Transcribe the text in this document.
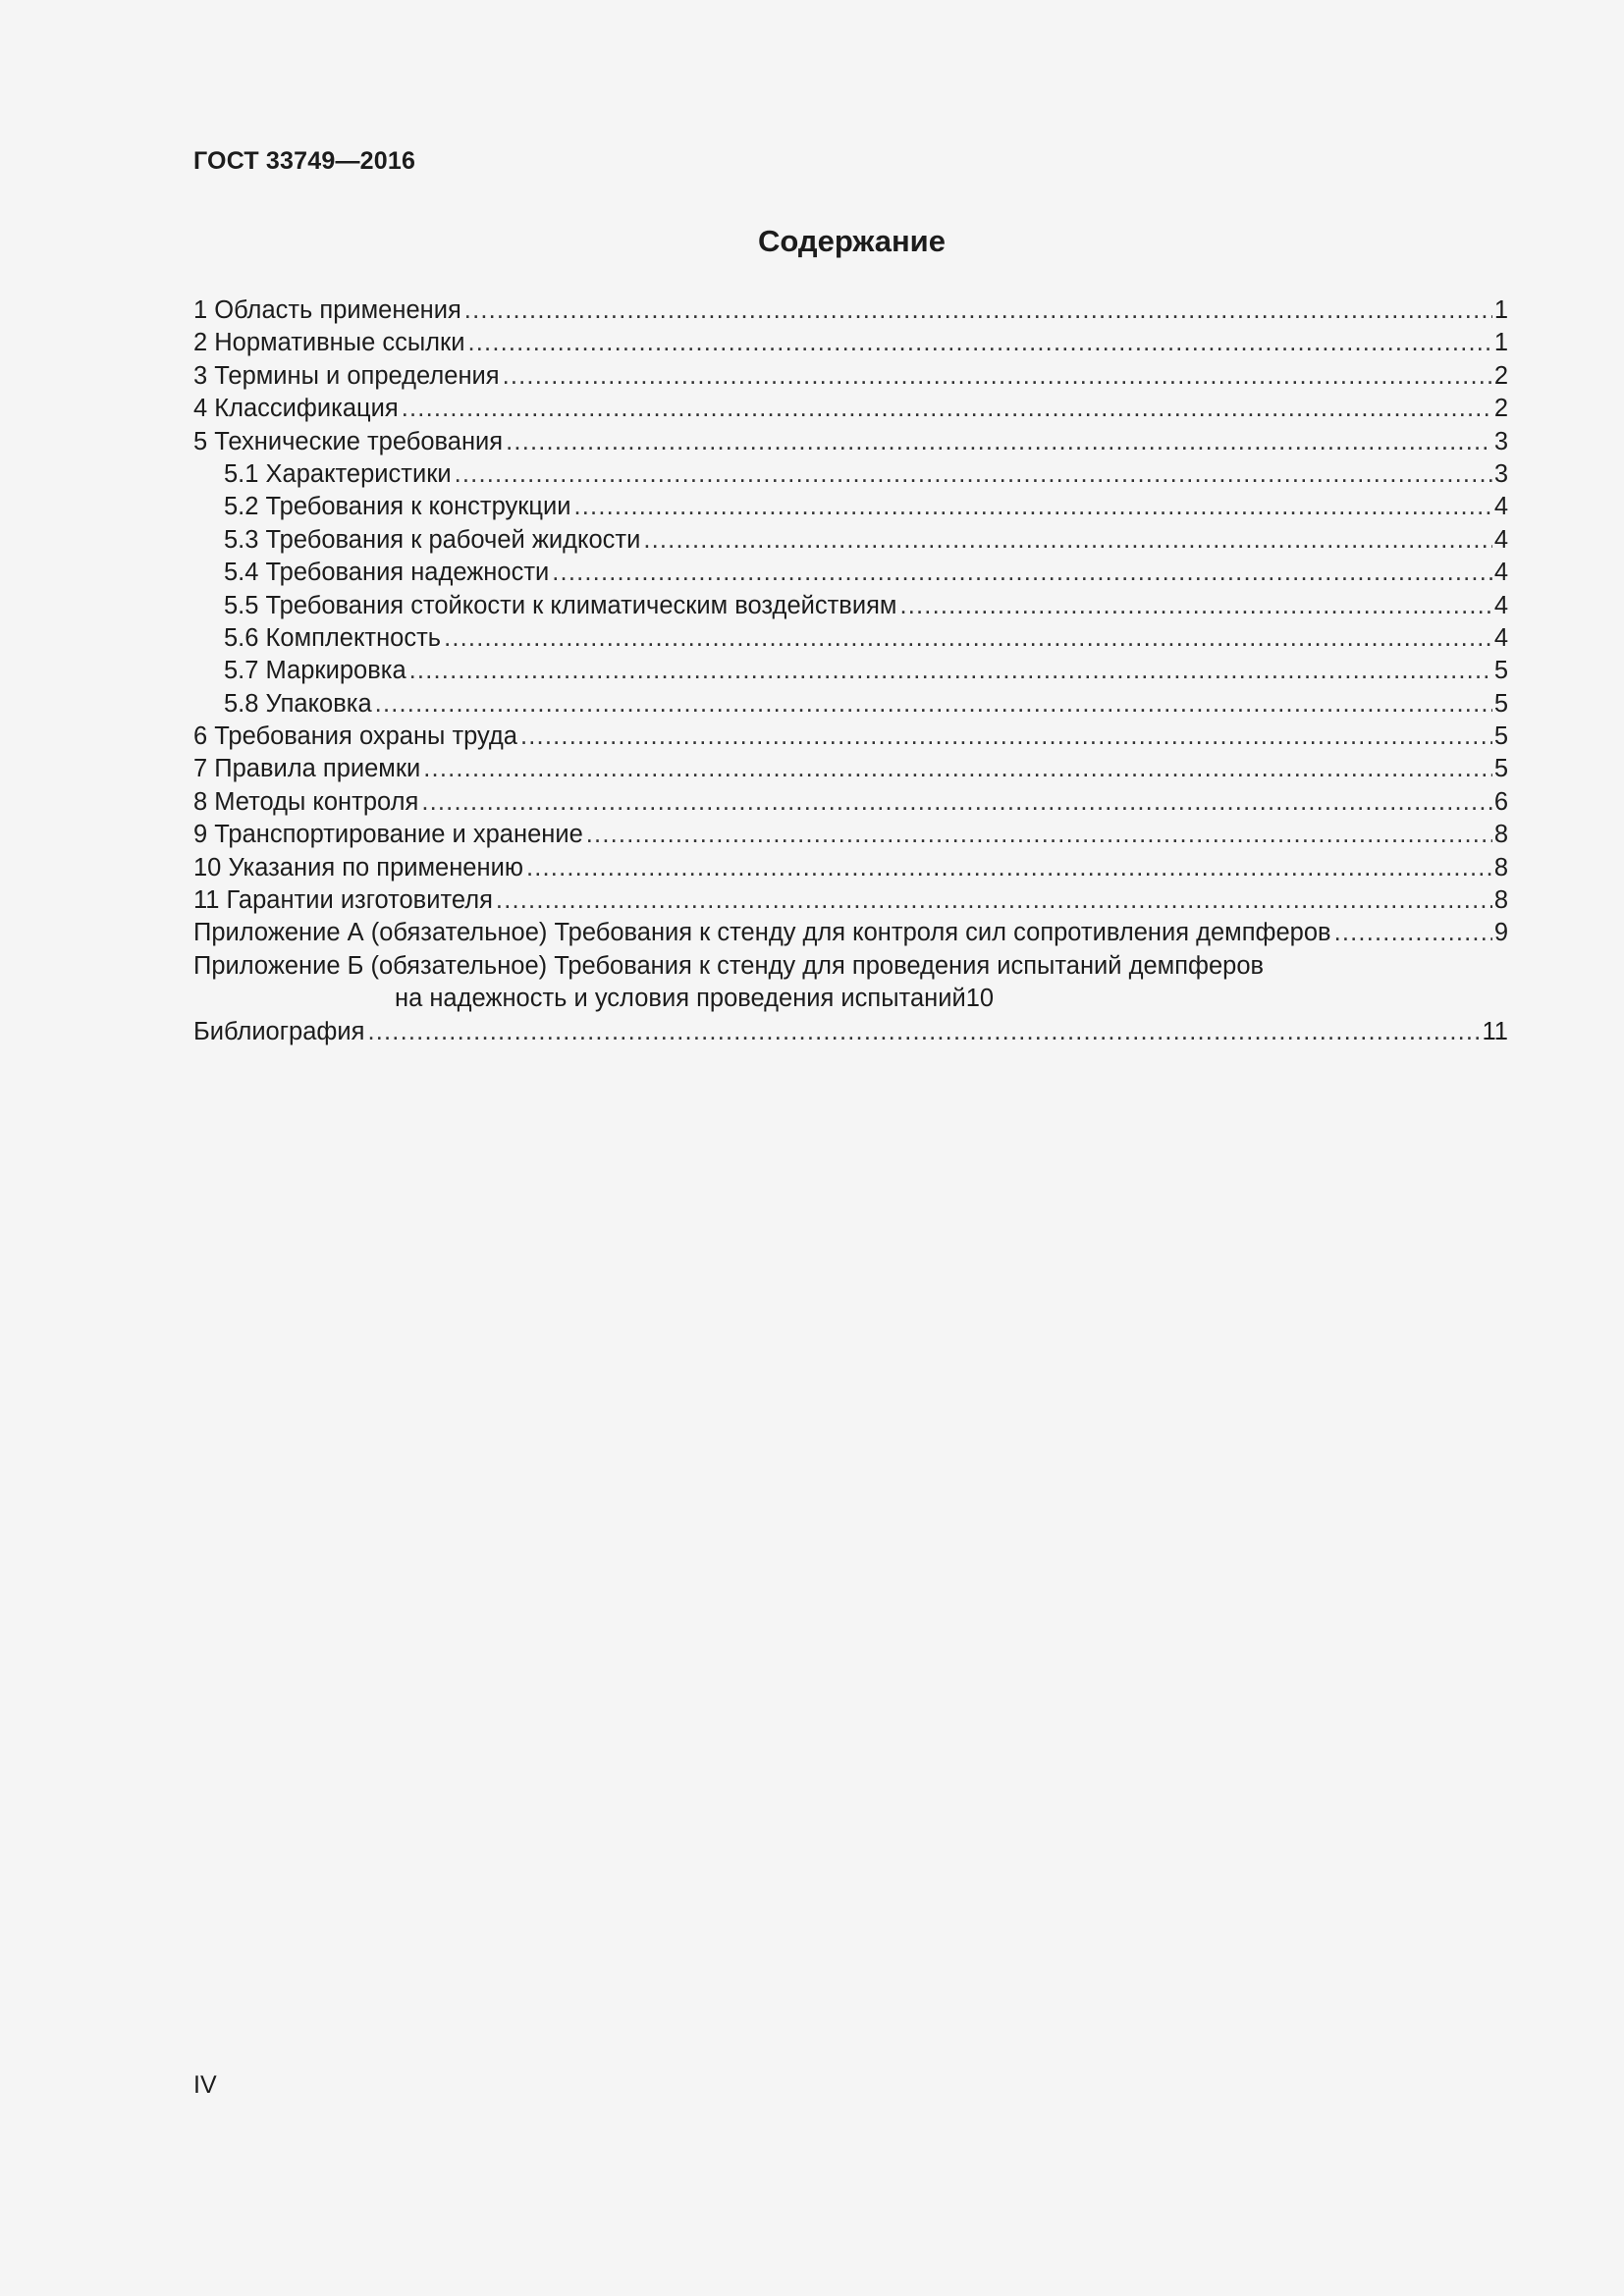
ГОСТ 33749—2016

Содержание
1 Область применения .....	1
2 Нормативные ссылки .....	1
3 Термины и определения .....	2
4 Классификация .....	2
5 Технические требования .....	3
5.1 Характеристики .....	3
5.2 Требования к конструкции .....	4
5.3 Требования к рабочей жидкости .....	4
5.4 Требования надежности .....	4
5.5 Требования стойкости к климатическим воздействиям .....	4
5.6 Комплектность .....	4
5.7 Маркировка .....	5
5.8 Упаковка .....	5
6 Требования охраны труда .....	5
7 Правила приемки .....	5
8 Методы контроля .....	6
9 Транспортирование и хранение .....	8
10 Указания по применению .....	8
11 Гарантии изготовителя .....	8
Приложение А (обязательное) Требования к стенду для контроля сил сопротивления демпферов .....	9
Приложение Б (обязательное) Требования к стенду для проведения испытаний демпферов
на надежность и условия проведения испытаний 10
Библиография .....	11

IV
